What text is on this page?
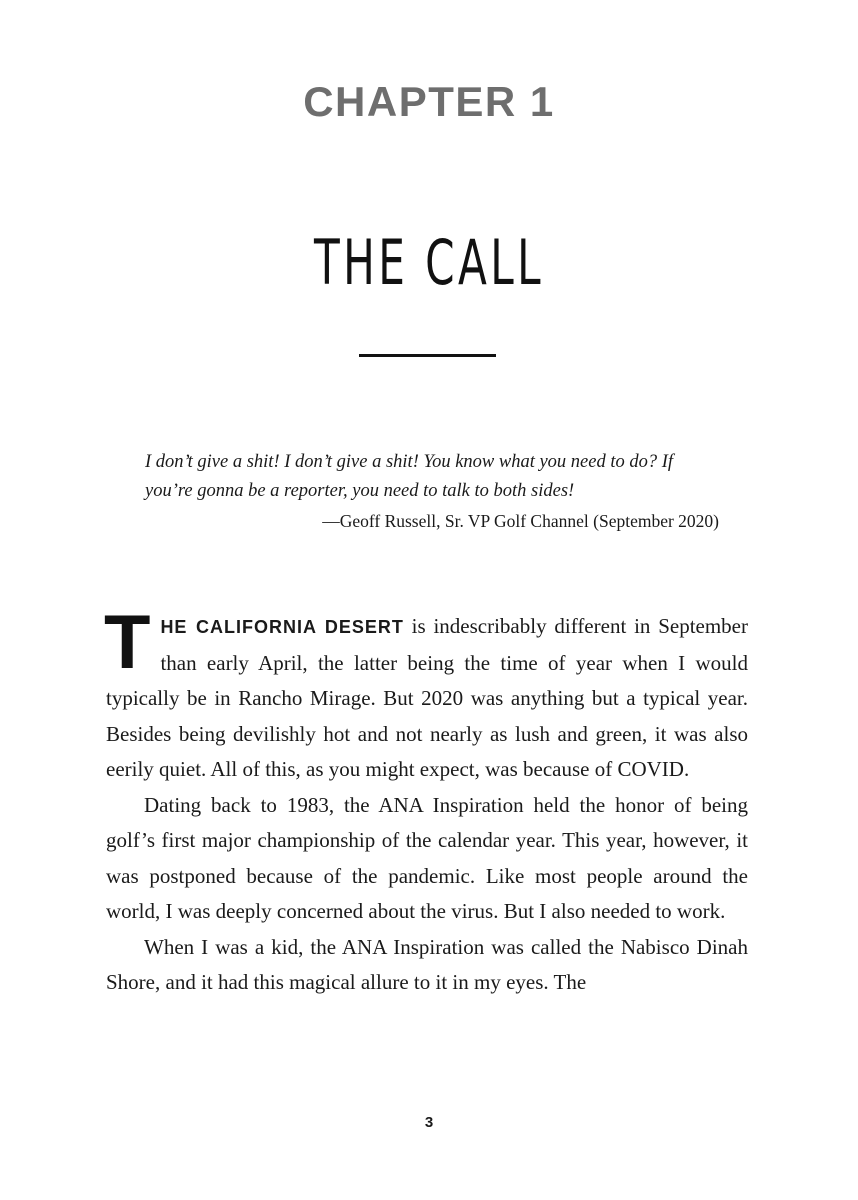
CHAPTER 1
THE CALL

I don’t give a shit! I don’t give a shit! You know what you need to do? If you’re gonna be a reporter, you need to talk to both sides!

—Geoff Russell, Sr. VP Golf Channel (September 2020)

THE CALIFORNIA DESERT is indescribably different in September than early April, the latter being the time of year when I would typically be in Rancho Mirage. But 2020 was anything but a typical year. Besides being devilishly hot and not nearly as lush and green, it was also eerily quiet. All of this, as you might expect, was because of COVID.

Dating back to 1983, the ANA Inspiration held the honor of being golf’s first major championship of the calendar year. This year, however, it was postponed because of the pandemic. Like most people around the world, I was deeply concerned about the virus. But I also needed to work.

When I was a kid, the ANA Inspiration was called the Nabisco Dinah Shore, and it had this magical allure to it in my eyes. The

3
